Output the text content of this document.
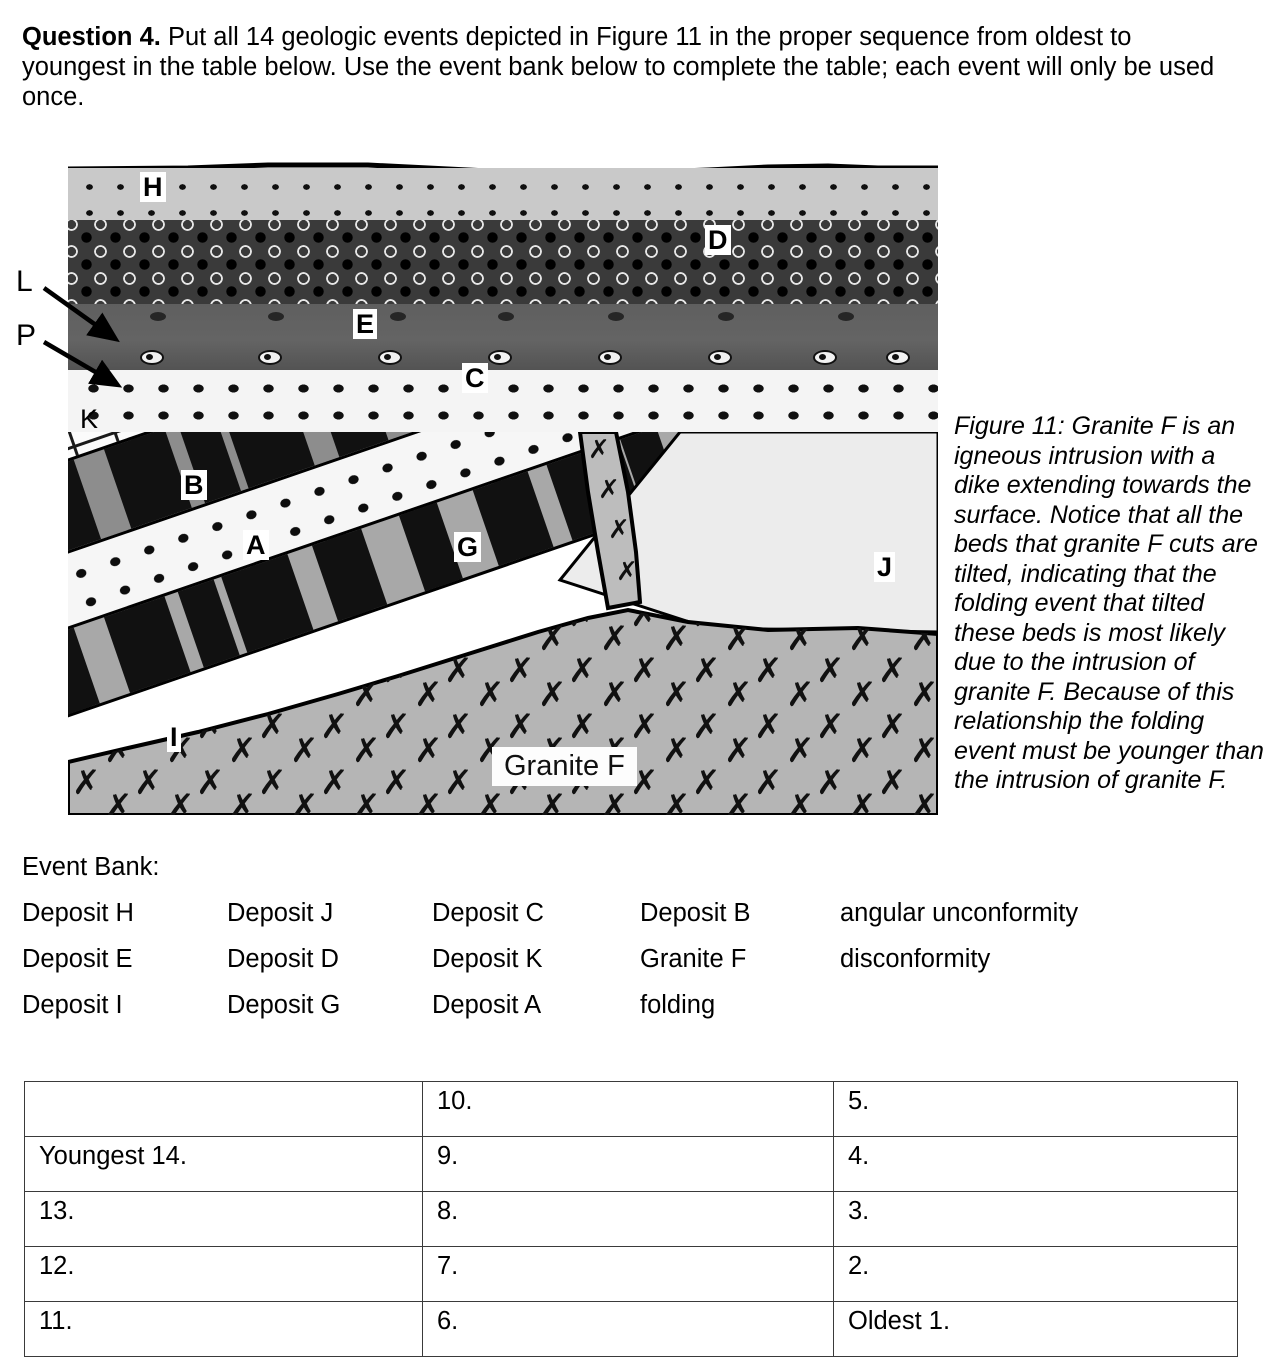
Question 4. Put all 14 geologic events depicted in Figure 11 in the proper sequence from oldest to youngest in the table below. Use the event bank below to complete the table; each event will only be used once.
✗
✗
✗
✗
B
A	G
I
J
Granite F
H
D
E
C
K
L
P
Figure 11: Granite F is an igneous intrusion with a dike extending towards the surface. Notice that all the beds that granite F cuts are tilted, indicating that the folding event that tilted these beds is most likely due to the intrusion of granite F. Because of this relationship the folding event must be younger than the intrusion of granite F.
Event Bank:
Deposit H
Deposit E
Deposit I
Deposit J
Deposit D
Deposit G
Deposit C
Deposit K
Deposit A
Deposit B
Granite F
folding
angular unconformity
disconformity
	10.	5.
Youngest 14.	9.	4.
13.	8.	3.
12.	7.	2.
11.	6.	Oldest 1.
